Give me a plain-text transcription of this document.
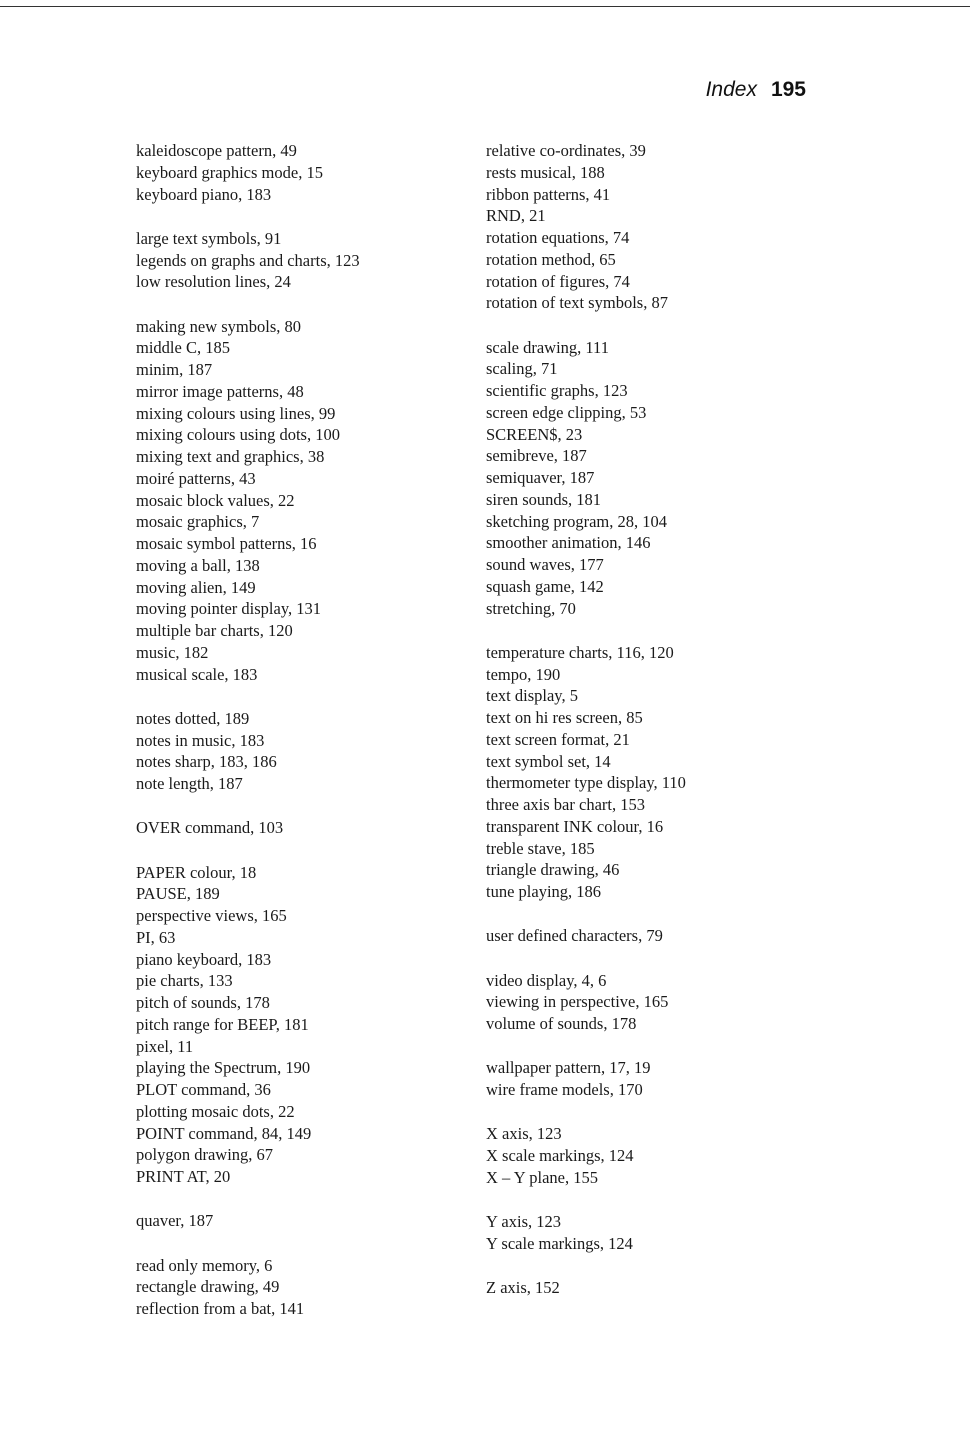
Index 195
kaleidoscope pattern, 49
keyboard graphics mode, 15
keyboard piano, 183
large text symbols, 91
legends on graphs and charts, 123
low resolution lines, 24
making new symbols, 80
middle C, 185
minim, 187
mirror image patterns, 48
mixing colours using lines, 99
mixing colours using dots, 100
mixing text and graphics, 38
moiré patterns, 43
mosaic block values, 22
mosaic graphics, 7
mosaic symbol patterns, 16
moving a ball, 138
moving alien, 149
moving pointer display, 131
multiple bar charts, 120
music, 182
musical scale, 183
notes dotted, 189
notes in music, 183
notes sharp, 183, 186
note length, 187
OVER command, 103
PAPER colour, 18
PAUSE, 189
perspective views, 165
PI, 63
piano keyboard, 183
pie charts, 133
pitch of sounds, 178
pitch range for BEEP, 181
pixel, 11
playing the Spectrum, 190
PLOT command, 36
plotting mosaic dots, 22
POINT command, 84, 149
polygon drawing, 67
PRINT AT, 20
quaver, 187
read only memory, 6
rectangle drawing, 49
reflection from a bat, 141
relative co-ordinates, 39
rests musical, 188
ribbon patterns, 41
RND, 21
rotation equations, 74
rotation method, 65
rotation of figures, 74
rotation of text symbols, 87
scale drawing, 111
scaling, 71
scientific graphs, 123
screen edge clipping, 53
SCREEN$, 23
semibreve, 187
semiquaver, 187
siren sounds, 181
sketching program, 28, 104
smoother animation, 146
sound waves, 177
squash game, 142
stretching, 70
temperature charts, 116, 120
tempo, 190
text display, 5
text on hi res screen, 85
text screen format, 21
text symbol set, 14
thermometer type display, 110
three axis bar chart, 153
transparent INK colour, 16
treble stave, 185
triangle drawing, 46
tune playing, 186
user defined characters, 79
video display, 4, 6
viewing in perspective, 165
volume of sounds, 178
wallpaper pattern, 17, 19
wire frame models, 170
X axis, 123
X scale markings, 124
X – Y plane, 155
Y axis, 123
Y scale markings, 124
Z axis, 152
